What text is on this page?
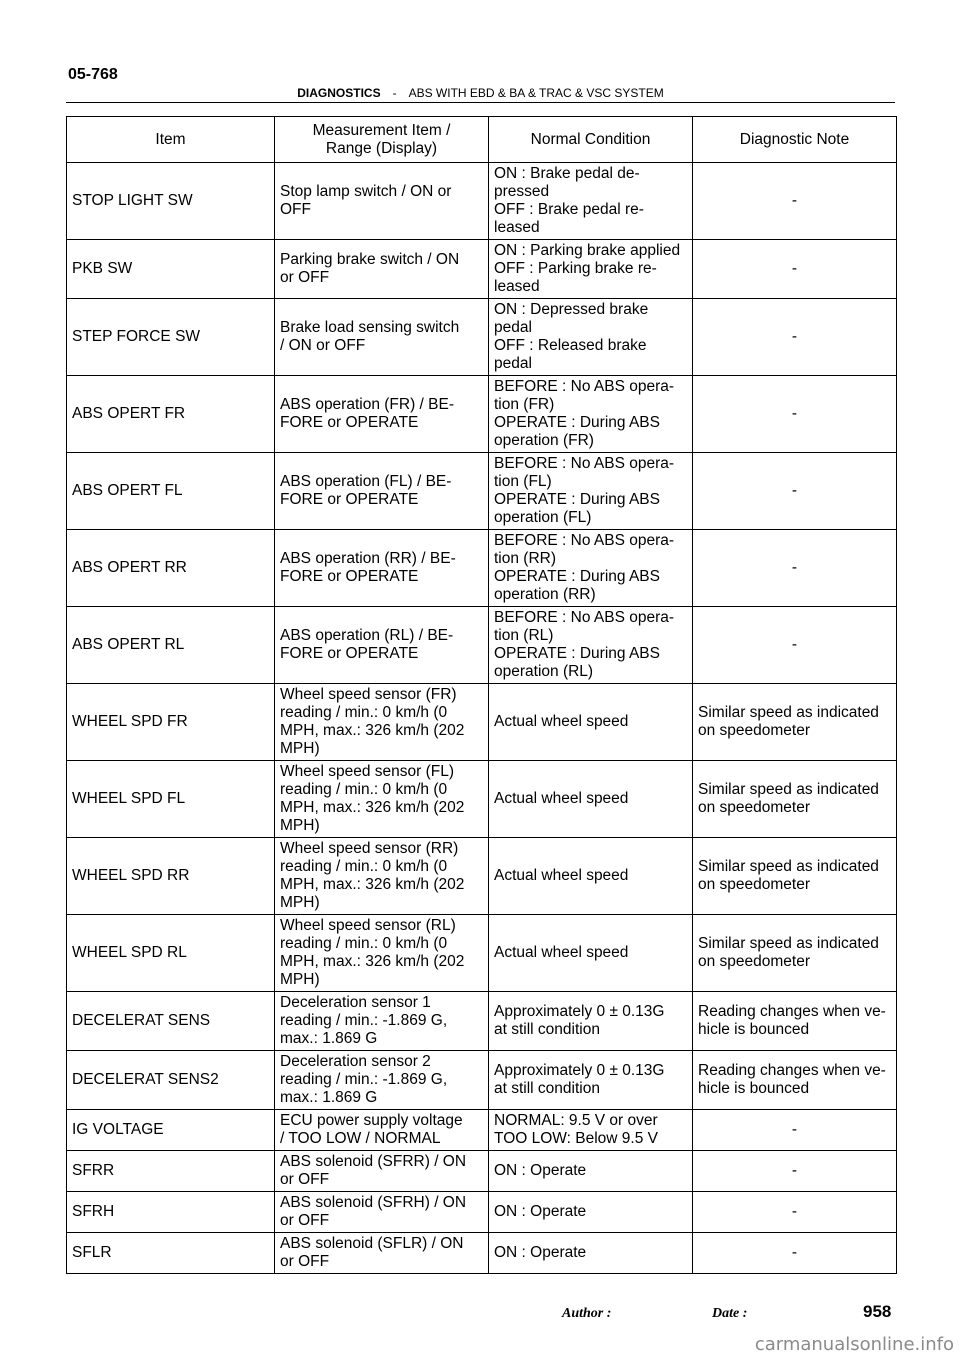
05-768
DIAGNOSTICS - ABS WITH EBD & BA & TRAC & VSC SYSTEM
Item	Measurement Item /
Range (Display)	Normal Condition	Diagnostic Note
STOP LIGHT SW	Stop lamp switch / ON or
OFF	ON : Brake pedal de-
pressed
OFF : Brake pedal re-
leased	-
PKB SW	Parking brake switch / ON
or OFF	ON : Parking brake applied
OFF : Parking brake re-
leased	-
STEP FORCE SW	Brake load sensing switch
/ ON or OFF	ON : Depressed brake
pedal
OFF : Released brake
pedal	-
ABS OPERT FR	ABS operation (FR) / BE-
FORE or OPERATE	BEFORE : No ABS opera-
tion (FR)
OPERATE : During ABS
operation (FR)	-
ABS OPERT FL	ABS operation (FL) / BE-
FORE or OPERATE	BEFORE : No ABS opera-
tion (FL)
OPERATE : During ABS
operation (FL)	-
ABS OPERT RR	ABS operation (RR) / BE-
FORE or OPERATE	BEFORE : No ABS opera-
tion (RR)
OPERATE : During ABS
operation (RR)	-
ABS OPERT RL	ABS operation (RL) / BE-
FORE or OPERATE	BEFORE : No ABS opera-
tion (RL)
OPERATE : During ABS
operation (RL)	-
WHEEL SPD FR	Wheel speed sensor (FR)
reading / min.: 0 km/h (0
MPH, max.: 326 km/h (202
MPH)	Actual wheel speed	Similar speed as indicated
on speedometer
WHEEL SPD FL	Wheel speed sensor (FL)
reading / min.: 0 km/h (0
MPH, max.: 326 km/h (202
MPH)	Actual wheel speed	Similar speed as indicated
on speedometer
WHEEL SPD RR	Wheel speed sensor (RR)
reading / min.: 0 km/h (0
MPH, max.: 326 km/h (202
MPH)	Actual wheel speed	Similar speed as indicated
on speedometer
WHEEL SPD RL	Wheel speed sensor (RL)
reading / min.: 0 km/h (0
MPH, max.: 326 km/h (202
MPH)	Actual wheel speed	Similar speed as indicated
on speedometer
DECELERAT SENS	Deceleration sensor 1
reading / min.: -1.869 G,
max.: 1.869 G	Approximately 0 ± 0.13G
at still condition	Reading changes when ve-
hicle is bounced
DECELERAT SENS2	Deceleration sensor 2
reading / min.: -1.869 G,
max.: 1.869 G	Approximately 0 ± 0.13G
at still condition	Reading changes when ve-
hicle is bounced
IG VOLTAGE	ECU power supply voltage
/ TOO LOW / NORMAL	NORMAL: 9.5 V or over
TOO LOW: Below 9.5 V	-
SFRR	ABS solenoid (SFRR) / ON
or OFF	ON : Operate	-
SFRH	ABS solenoid (SFRH) / ON
or OFF	ON : Operate	-
SFLR	ABS solenoid (SFLR) / ON
or OFF	ON : Operate	-
Author :	Date :	958
carmanualsonline.info
